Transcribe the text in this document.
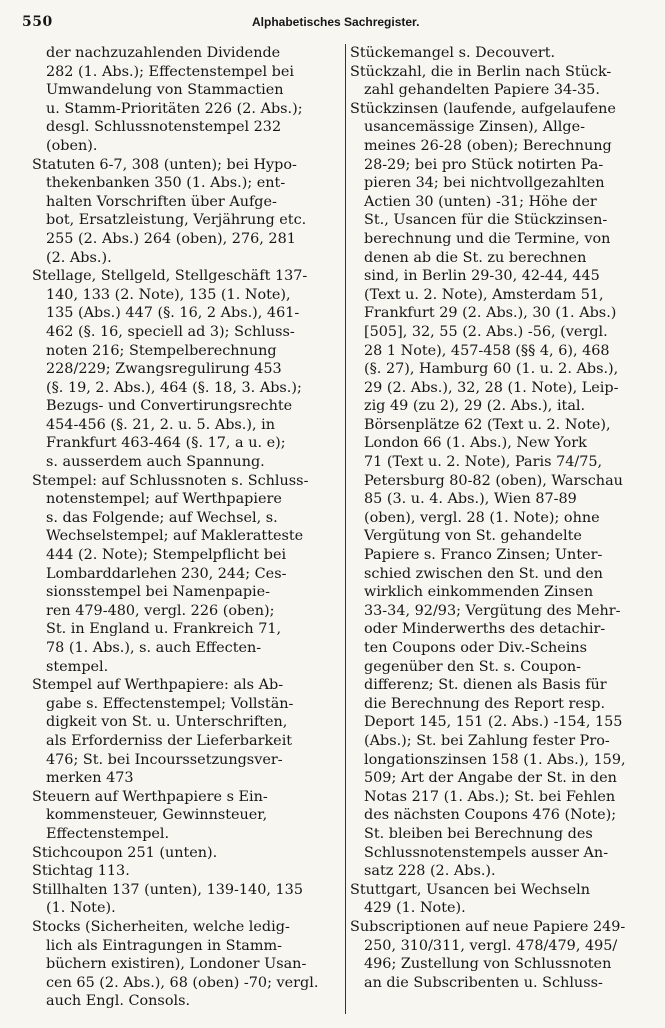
550	Alphabetisches Sachregister.
der nachzuzahlenden Dividende
282 (1. Abs.); Effectenstempel bei
Umwandelung von Stammactien
u. Stamm-Prioritäten 226 (2. Abs.);
desgl. Schlussnotenstempel 232
(oben).
Statuten 6-7, 308 (unten); bei Hypo-
thekenbanken 350 (1. Abs.); ent-
halten Vorschriften über Aufge-
bot, Ersatzleistung, Verjährung etc.
255 (2. Abs.) 264 (oben), 276, 281
(2. Abs.).
Stellage, Stellgeld, Stellgeschäft 137-
140, 133 (2. Note), 135 (1. Note),
135 (Abs.) 447 (§. 16, 2 Abs.), 461-
462 (§. 16, speciell ad 3); Schluss-
noten 216; Stempelberechnung
228/229; Zwangsregulirung 453
(§. 19, 2. Abs.), 464 (§. 18, 3. Abs.);
Bezugs- und Convertirungsrechte
454-456 (§. 21, 2. u. 5. Abs.), in
Frankfurt 463-464 (§. 17, a u. e);
s. ausserdem auch Spannung.
Stempel: auf Schlussnoten s. Schluss-
notenstempel; auf Werthpapiere
s. das Folgende; auf Wechsel, s.
Wechselstempel; auf Makleratteste
444 (2. Note); Stempelpflicht bei
Lombarddarlehen 230, 244; Ces-
sionsstempel bei Namenpapie-
ren 479-480, vergl. 226 (oben);
St. in England u. Frankreich 71,
78 (1. Abs.), s. auch Effecten-
stempel.
Stempel auf Werthpapiere: als Ab-
gabe s. Effectenstempel; Vollstän-
digkeit von St. u. Unterschriften,
als Erforderniss der Lieferbarkeit
476; St. bei Incourssetzungsver-
merken 473
Steuern auf Werthpapiere s Ein-
kommensteuer, Gewinnsteuer,
Effectenstempel.
Stichcoupon 251 (unten).
Stichtag 113.
Stillhalten 137 (unten), 139-140, 135
(1. Note).
Stocks (Sicherheiten, welche ledig-
lich als Eintragungen in Stamm-
büchern existiren), Londoner Usan-
cen 65 (2. Abs.), 68 (oben) -70; vergl.
auch Engl. Consols.
Stückemangel s. Decouvert.
Stückzahl, die in Berlin nach Stück-
zahl gehandelten Papiere 34-35.
Stückzinsen (laufende, aufgelaufene
usancemässige Zinsen), Allge-
meines 26-28 (oben); Berechnung
28-29; bei pro Stück notirten Pa-
pieren 34; bei nichtvollgezahlten
Actien 30 (unten) -31; Höhe der
St., Usancen für die Stückzinsen-
berechnung und die Termine, von
denen ab die St. zu berechnen
sind, in Berlin 29-30, 42-44, 445
(Text u. 2. Note), Amsterdam 51,
Frankfurt 29 (2. Abs.), 30 (1. Abs.)
[505], 32, 55 (2. Abs.) -56, (vergl.
28 1 Note), 457-458 (§§ 4, 6), 468
(§. 27), Hamburg 60 (1. u. 2. Abs.),
29 (2. Abs.), 32, 28 (1. Note), Leip-
zig 49 (zu 2), 29 (2. Abs.), ital.
Börsenplätze 62 (Text u. 2. Note),
London 66 (1. Abs.), New York
71 (Text u. 2. Note), Paris 74/75,
Petersburg 80-82 (oben), Warschau
85 (3. u. 4. Abs.), Wien 87-89
(oben), vergl. 28 (1. Note); ohne
Vergütung von St. gehandelte
Papiere s. Franco Zinsen; Unter-
schied zwischen den St. und den
wirklich einkommenden Zinsen
33-34, 92/93; Vergütung des Mehr-
oder Minderwerths des detachir-
ten Coupons oder Div.-Scheins
gegenüber den St. s. Coupon-
differenz; St. dienen als Basis für
die Berechnung des Report resp.
Deport 145, 151 (2. Abs.) -154, 155
(Abs.); St. bei Zahlung fester Pro-
longationszinsen 158 (1. Abs.), 159,
509; Art der Angabe der St. in den
Notas 217 (1. Abs.); St. bei Fehlen
des nächsten Coupons 476 (Note);
St. bleiben bei Berechnung des
Schlussnotenstempels ausser An-
satz 228 (2. Abs.).
Stuttgart, Usancen bei Wechseln
429 (1. Note).
Subscriptionen auf neue Papiere 249-
250, 310/311, vergl. 478/479, 495/
496; Zustellung von Schlussnoten
an die Subscribenten u. Schluss-
